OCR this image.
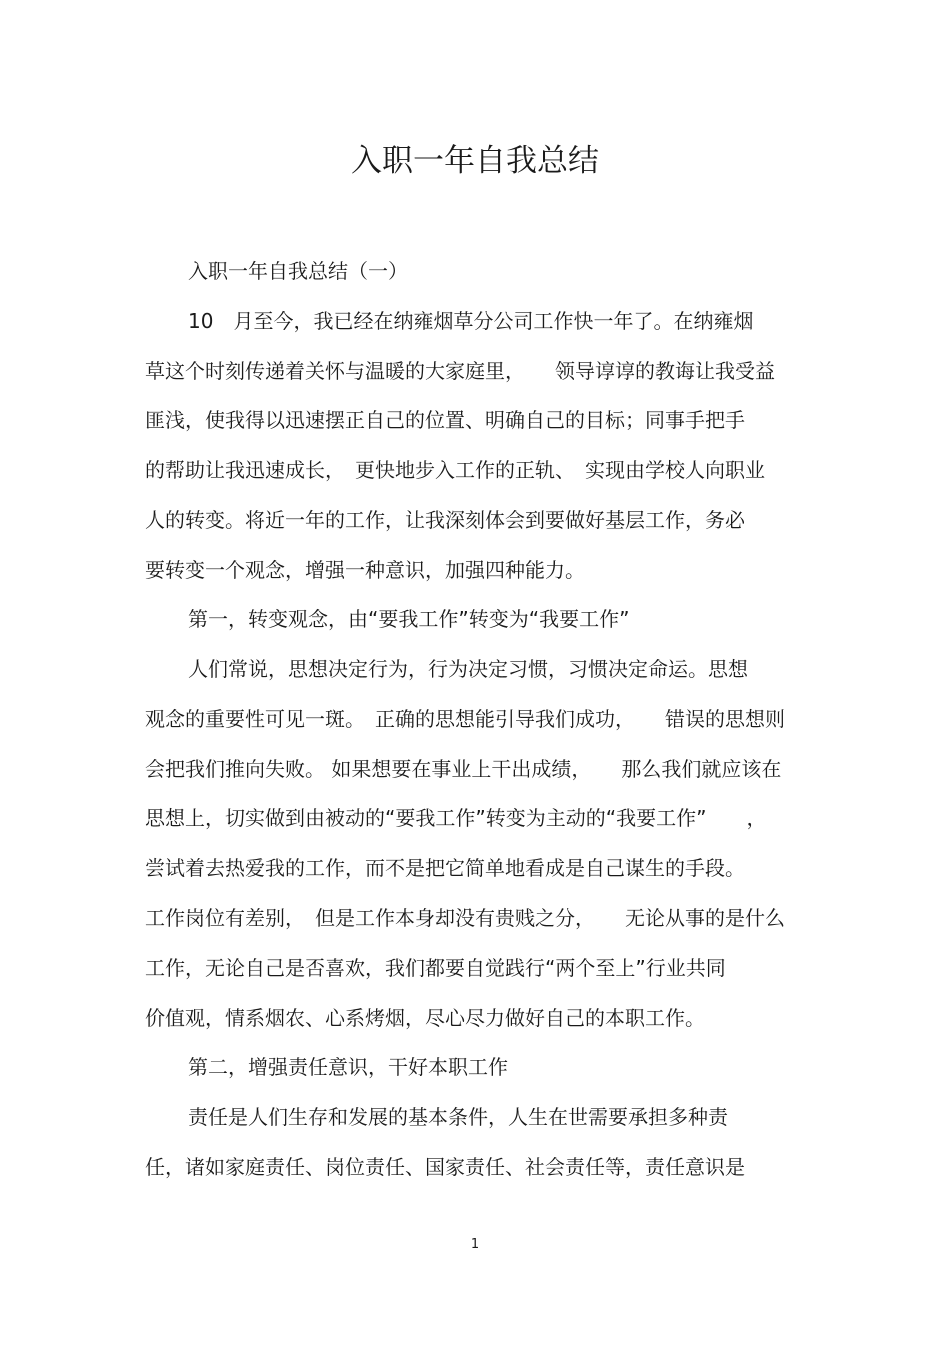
入职一年自我总结
入职一年自我总结（一）
10　月至今，我已经在纳雍烟草分公司工作快一年了。在纳雍烟
草这个时刻传递着关怀与温暖的大家庭里，　　领导谆谆的教诲让我受益
匪浅，使我得以迅速摆正自己的位置、明确自己的目标；同事手把手
的帮助让我迅速成长，　更快地步入工作的正轨、　实现由学校人向职业
人的转变。将近一年的工作，让我深刻体会到要做好基层工作，务必
要转变一个观念，增强一种意识，加强四种能力。
第一，转变观念，由“要我工作”转变为“我要工作”
人们常说，思想决定行为，行为决定习惯，习惯决定命运。思想
观念的重要性可见一斑。　正确的思想能引导我们成功，　　错误的思想则
会把我们推向失败。 如果想要在事业上干出成绩，　　那么我们就应该在
思想上，切实做到由被动的“要我工作”转变为主动的“我要工作”　　，
尝试着去热爱我的工作，而不是把它简单地看成是自己谋生的手段。
工作岗位有差别，　但是工作本身却没有贵贱之分，　　无论从事的是什么
工作，无论自己是否喜欢，我们都要自觉践行“两个至上”行业共同
价值观，情系烟农、心系烤烟，尽心尽力做好自己的本职工作。
第二，增强责任意识，干好本职工作
责任是人们生存和发展的基本条件，人生在世需要承担多种责
任，诸如家庭责任、岗位责任、国家责任、社会责任等，责任意识是
1
